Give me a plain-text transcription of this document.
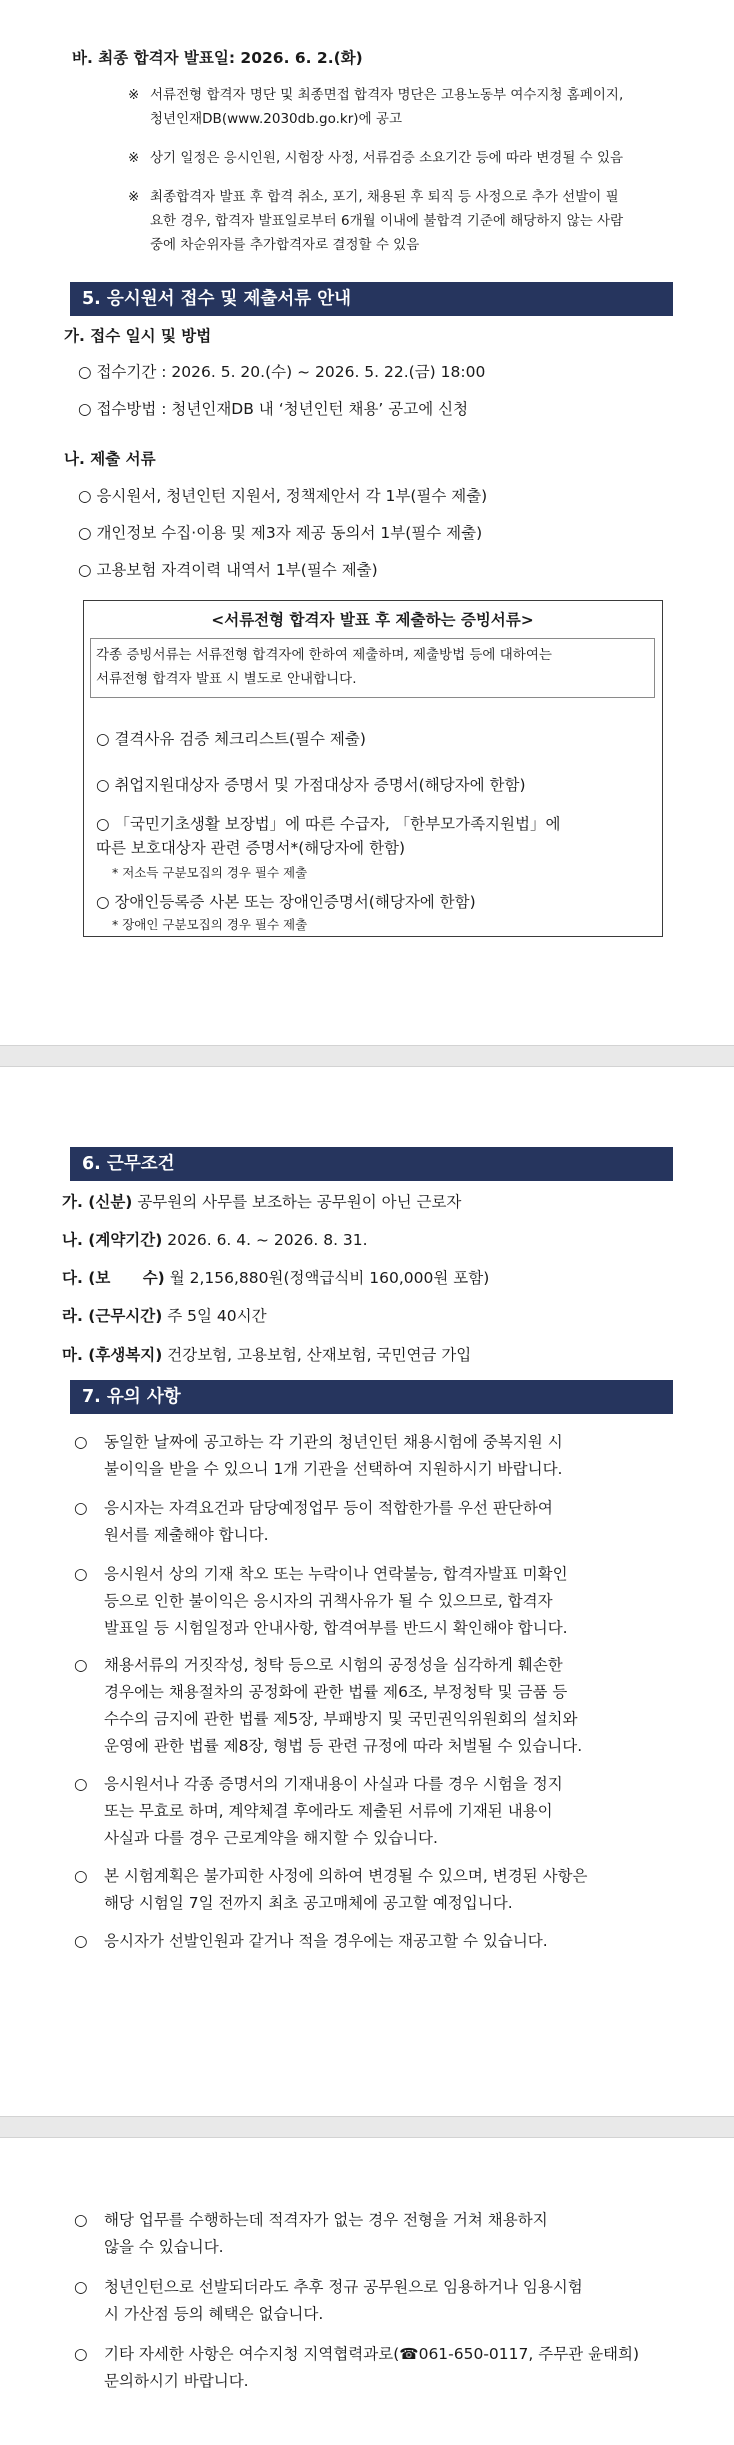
바. 최종 합격자 발표일: 2026. 6. 2.(화)
※ 서류전형 합격자 명단 및 최종면접 합격자 명단은 고용노동부 여수지청 홈페이지,
청년인재DB(www.2030db.go.kr)에 공고
※ 상기 일정은 응시인원, 시험장 사정, 서류검증 소요기간 등에 따라 변경될 수 있음
※ 최종합격자 발표 후 합격 취소, 포기, 채용된 후 퇴직 등 사정으로 추가 선발이 필
요한 경우, 합격자 발표일로부터 6개월 이내에 불합격 기준에 해당하지 않는 사람
중에 차순위자를 추가합격자로 결정할 수 있음
5. 응시원서 접수 및 제출서류 안내
가. 접수 일시 및 방법
○ 접수기간 : 2026. 5. 20.(수) ~ 2026. 5. 22.(금) 18:00
○ 접수방법 : 청년인재DB 내 ‘청년인턴 채용’ 공고에 신청
나. 제출 서류
○ 응시원서, 청년인턴 지원서, 정책제안서 각 1부(필수 제출)
○ 개인정보 수집·이용 및 제3자 제공 동의서 1부(필수 제출)
○ 고용보험 자격이력 내역서 1부(필수 제출)
<서류전형 합격자 발표 후 제출하는 증빙서류>
각종 증빙서류는 서류전형 합격자에 한하여 제출하며, 제출방법 등에 대하여는
서류전형 합격자 발표 시 별도로 안내합니다.
○ 결격사유 검증 체크리스트(필수 제출)
○ 취업지원대상자 증명서 및 가점대상자 증명서(해당자에 한함)
○ 「국민기초생활 보장법」에 따른 수급자, 「한부모가족지원법」에
따른 보호대상자 관련 증명서*(해당자에 한함)
* 저소득 구분모집의 경우 필수 제출
○ 장애인등록증 사본 또는 장애인증명서(해당자에 한함)
* 장애인 구분모집의 경우 필수 제출
6. 근무조건
가. (신분) 공무원의 사무를 보조하는 공무원이 아닌 근로자
나. (계약기간) 2026. 6. 4. ~ 2026. 8. 31.
다. (보      수) 월 2,156,880원(정액급식비 160,000원 포함)
라. (근무시간) 주 5일 40시간
마. (후생복지) 건강보험, 고용보험, 산재보험, 국민연금 가입
7. 유의 사항
○ 동일한 날짜에 공고하는 각 기관의 청년인턴 채용시험에 중복지원 시
불이익을 받을 수 있으니 1개 기관을 선택하여 지원하시기 바랍니다.
○ 응시자는 자격요건과 담당예정업무 등이 적합한가를 우선 판단하여
원서를 제출해야 합니다.
○ 응시원서 상의 기재 착오 또는 누락이나 연락불능, 합격자발표 미확인
등으로 인한 불이익은 응시자의 귀책사유가 될 수 있으므로, 합격자
발표일 등 시험일정과 안내사항, 합격여부를 반드시 확인해야 합니다.
○ 채용서류의 거짓작성, 청탁 등으로 시험의 공정성을 심각하게 훼손한
경우에는 채용절차의 공정화에 관한 법률 제6조, 부정청탁 및 금품 등
수수의 금지에 관한 법률 제5장, 부패방지 및 국민권익위원회의 설치와
운영에 관한 법률 제8장, 형법 등 관련 규정에 따라 처벌될 수 있습니다.
○ 응시원서나 각종 증명서의 기재내용이 사실과 다를 경우 시험을 정지
또는 무효로 하며, 계약체결 후에라도 제출된 서류에 기재된 내용이
사실과 다를 경우 근로계약을 해지할 수 있습니다.
○ 본 시험계획은 불가피한 사정에 의하여 변경될 수 있으며, 변경된 사항은
해당 시험일 7일 전까지 최초 공고매체에 공고할 예정입니다.
○ 응시자가 선발인원과 같거나 적을 경우에는 재공고할 수 있습니다.
○ 해당 업무를 수행하는데 적격자가 없는 경우 전형을 거쳐 채용하지
않을 수 있습니다.
○ 청년인턴으로 선발되더라도 추후 정규 공무원으로 임용하거나 임용시험
시 가산점 등의 혜택은 없습니다.
○ 기타 자세한 사항은 여수지청 지역협력과로(☎061-650-0117, 주무관 윤태희)
문의하시기 바랍니다.
